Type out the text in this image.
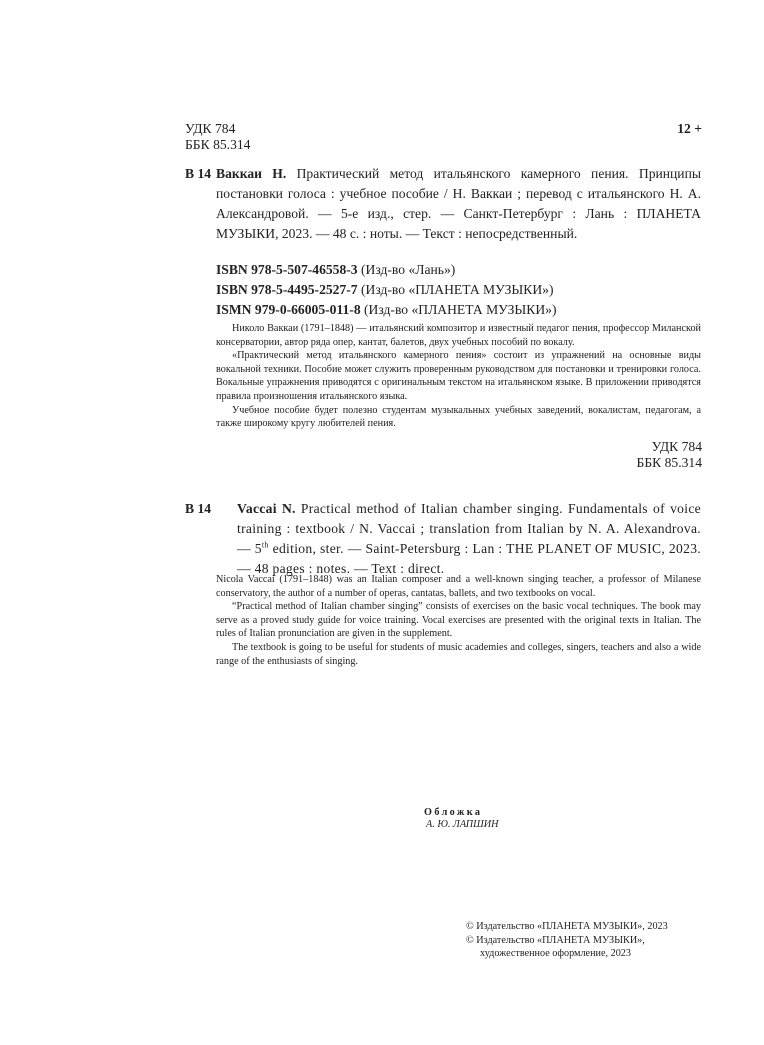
УДК 784
ББК 85.314
12 +
В 14 Ваккаи Н. Практический метод итальянского камерного пения. Принципы постановки голоса : учебное пособие / Н. Ваккаи ; перевод с итальянского Н. А. Александровой. — 5-е изд., стер. — Санкт-Петербург : Лань : ПЛАНЕТА МУЗЫКИ, 2023. — 48 с. : ноты. — Текст : непосредственный.
ISBN 978-5-507-46558-3 (Изд-во «Лань»)
ISBN 978-5-4495-2527-7 (Изд-во «ПЛАНЕТА МУЗЫКИ»)
ISMN 979-0-66005-011-8 (Изд-во «ПЛАНЕТА МУЗЫКИ»)

Николо Ваккаи (1791–1848) — итальянский композитор и известный педагог пения, профессор Миланской консерватории, автор ряда опер, кантат, балетов, двух учебных пособий по вокалу.

«Практический метод итальянского камерного пения» состоит из упражнений на основные виды вокальной техники. Пособие может служить проверенным руководством для постановки и тренировки голоса. Вокальные упражнения приводятся с оригинальным текстом на итальянском языке. В приложении приводятся правила произношения итальянского языка.

Учебное пособие будет полезно студентам музыкальных учебных заведений, вокалистам, педагогам, а также широкому кругу любителей пения.

УДК 784
ББК 85.314
В 14 Vaccai N. Practical method of Italian chamber singing. Fundamentals of voice training : textbook / N. Vaccai ; translation from Italian by N. A. Alexandrova. — 5th edition, ster. — Saint-Petersburg : Lan : THE PLANET OF MUSIC, 2023. — 48 pages : notes. — Text : direct.

Nicola Vaccai (1791–1848) was an Italian composer and a well-known singing teacher, a professor of Milanese conservatory, the author of a number of operas, cantatas, ballets, and two textbooks on vocal.

“Practical method of Italian chamber singing” consists of exercises on the basic vocal techniques. The book may serve as a proved study guide for voice training. Vocal exercises are presented with the original texts in Italian. The rules of Italian pronunciation are given in the supplement.

The textbook is going to be useful for students of music academies and colleges, singers, teachers and also a wide range of the enthusiasts of singing.

Обложка
А. Ю. ЛАПШИН
© Издательство «ПЛАНЕТА МУЗЫКИ», 2023
© Издательство «ПЛАНЕТА МУЗЫКИ»,
художественное оформление, 2023
